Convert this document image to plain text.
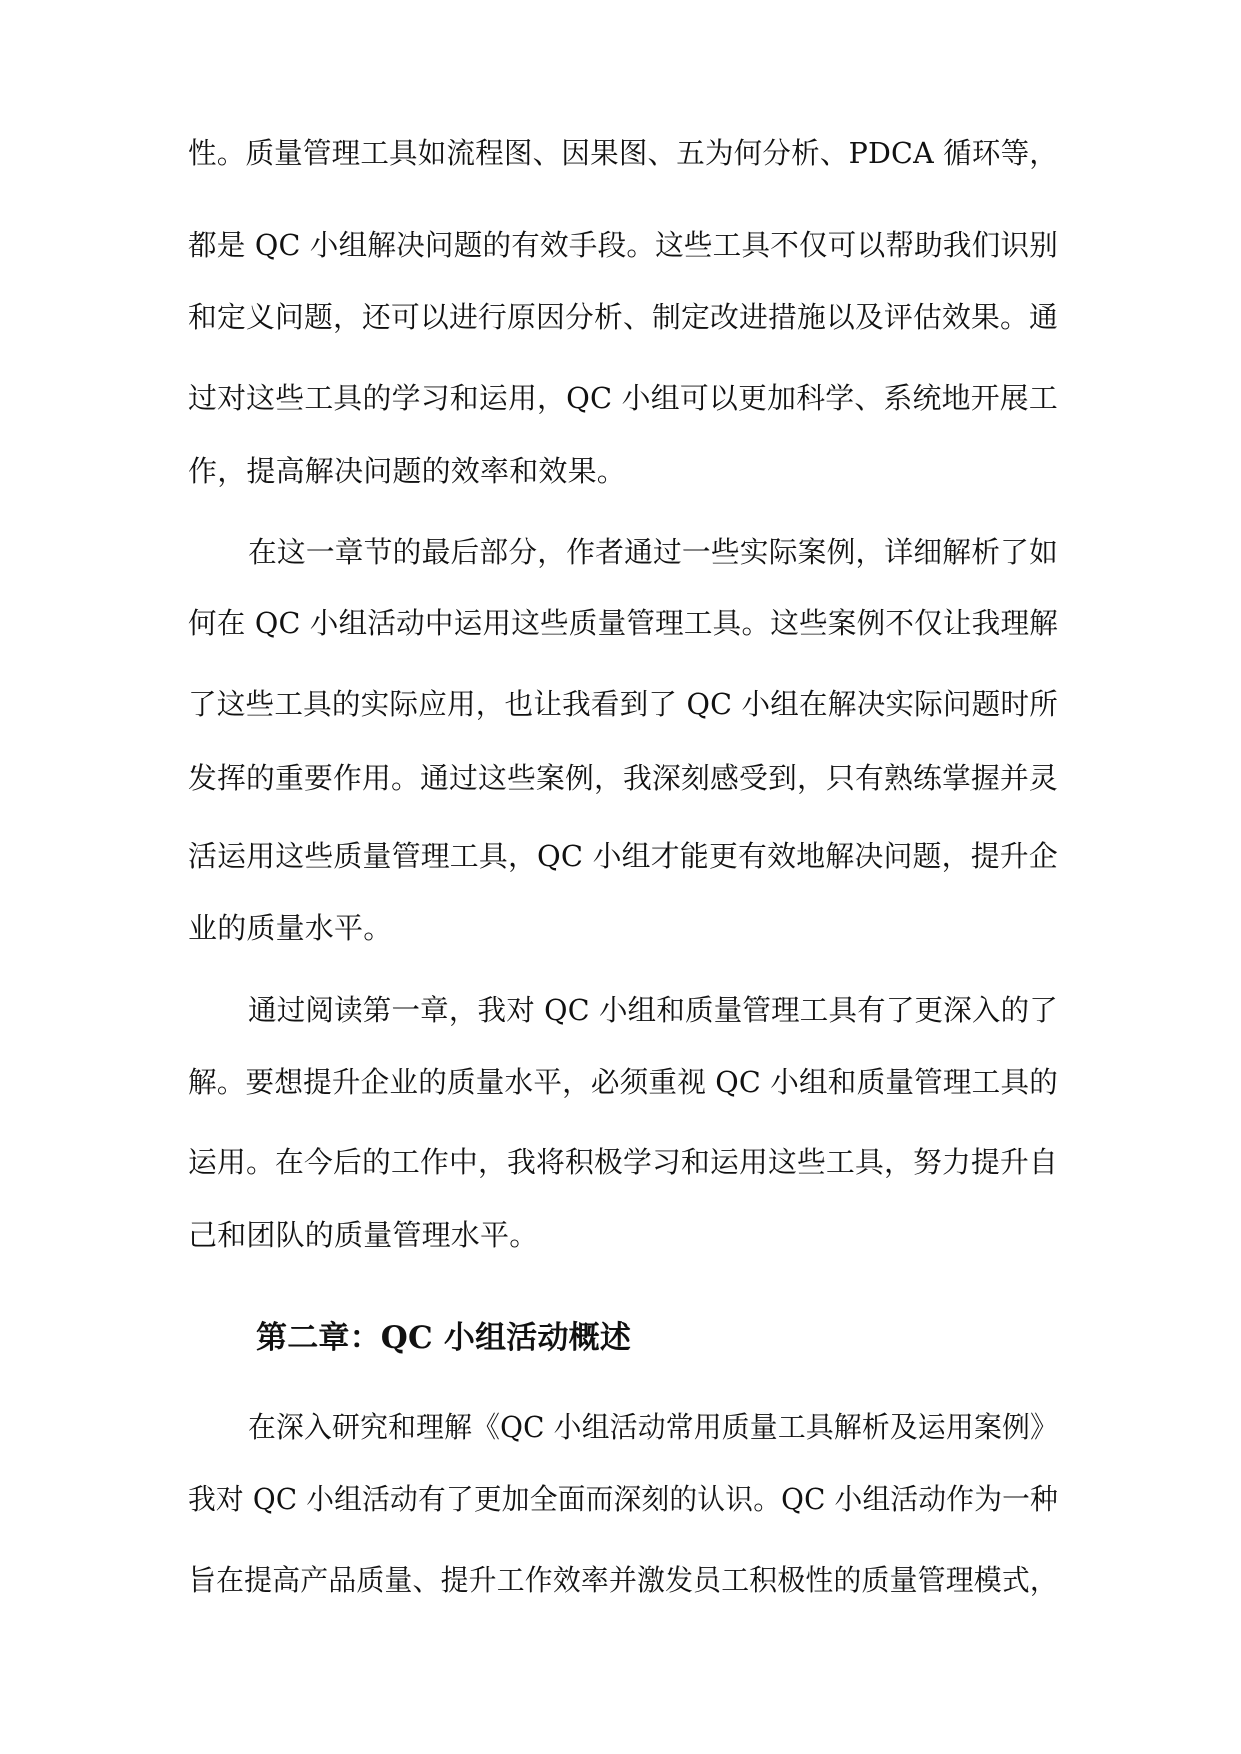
性。质量管理工具如流程图、因果图、五为何分析、PDCA 循环等，
都是 QC 小组解决问题的有效手段。这些工具不仅可以帮助我们识别
和定义问题，还可以进行原因分析、制定改进措施以及评估效果。通
过对这些工具的学习和运用，QC 小组可以更加科学、系统地开展工
作，提高解决问题的效率和效果。
在这一章节的最后部分，作者通过一些实际案例，详细解析了如
何在 QC 小组活动中运用这些质量管理工具。这些案例不仅让我理解
了这些工具的实际应用，也让我看到了 QC 小组在解决实际问题时所
发挥的重要作用。通过这些案例，我深刻感受到，只有熟练掌握并灵
活运用这些质量管理工具，QC 小组才能更有效地解决问题，提升企
业的质量水平。
通过阅读第一章，我对 QC 小组和质量管理工具有了更深入的了
解。要想提升企业的质量水平，必须重视 QC 小组和质量管理工具的
运用。在今后的工作中，我将积极学习和运用这些工具，努力提升自
己和团队的质量管理水平。
第二章：QC 小组活动概述
在深入研究和理解《QC 小组活动常用质量工具解析及运用案例》
我对 QC 小组活动有了更加全面而深刻的认识。QC 小组活动作为一种
旨在提高产品质量、提升工作效率并激发员工积极性的质量管理模式，
